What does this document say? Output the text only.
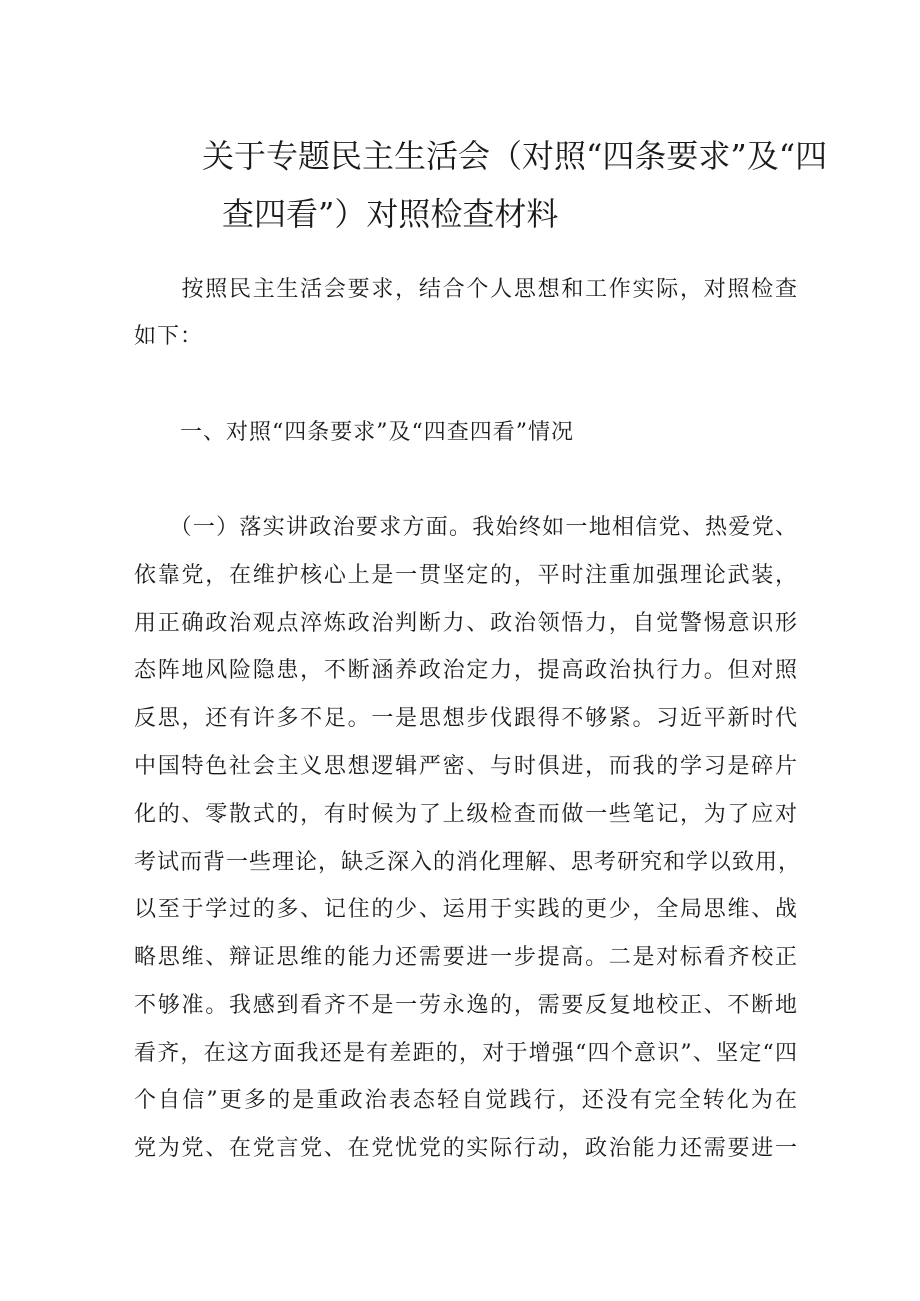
关于专题民主生活会（对照“四条要求”及“四
查四看”）对照检查材料
　　按照民主生活会要求，结合个人思想和工作实际，对照检查
如下：
　　一、对照“四条要求”及“四查四看”情况
　　（一）落实讲政治要求方面。我始终如一地相信党、热爱党、
依靠党，在维护核心上是一贯坚定的，平时注重加强理论武装，
用正确政治观点淬炼政治判断力、政治领悟力，自觉警惕意识形
态阵地风险隐患，不断涵养政治定力，提高政治执行力。但对照
反思，还有许多不足。一是思想步伐跟得不够紧。习近平新时代
中国特色社会主义思想逻辑严密、与时俱进，而我的学习是碎片
化的、零散式的，有时候为了上级检查而做一些笔记，为了应对
考试而背一些理论，缺乏深入的消化理解、思考研究和学以致用，
以至于学过的多、记住的少、运用于实践的更少，全局思维、战
略思维、辩证思维的能力还需要进一步提高。二是对标看齐校正
不够准。我感到看齐不是一劳永逸的，需要反复地校正、不断地
看齐，在这方面我还是有差距的，对于增强“四个意识”、坚定“四
个自信”更多的是重政治表态轻自觉践行，还没有完全转化为在
党为党、在党言党、在党忧党的实际行动，政治能力还需要进一
